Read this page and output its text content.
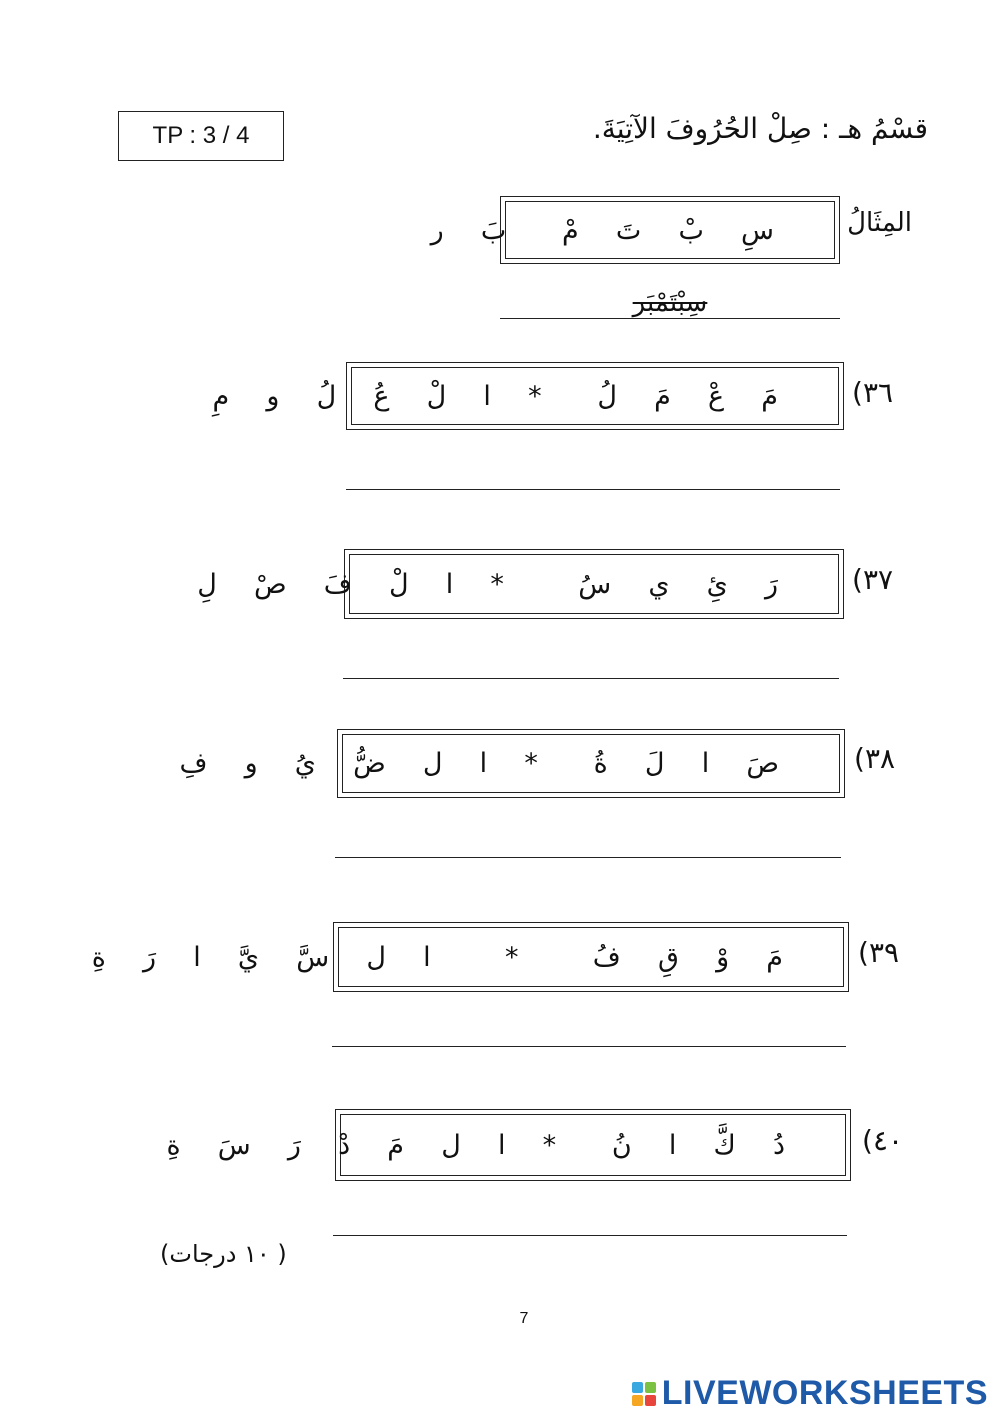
TP : 3 / 4	قسْمُ هـ : صِلْ الحُرُوفَ الآتِيَةَ.
المِثَالُ
سِ  بْ  تَ  مْ   بَ  ر
سِبْتَمْبَر
٣٦)
مَ  عْ  مَ  لُ   *  ا  لْ  عُ  لُ  و  مِ
٣٧)
رَ  ئِ  ي  سُ    *  ا  لْ  فَ  صْ  لِ
٣٨)
صَ  ا  لَ  ةُ   *  ا  ل  ضُّ  يُ  و  فِ
٣٩)
مَ  وْ  قِ  فُ    *    ا  ل  سَّ  يَّ  ا  رَ  ةِ
٤٠)
دُ  كَّ  ا  نُ   *  ا  ل  مَ  دْ  رَ  سَ  ةِ
( ١٠ درجات)
7
LIVEWORKSHEETS
